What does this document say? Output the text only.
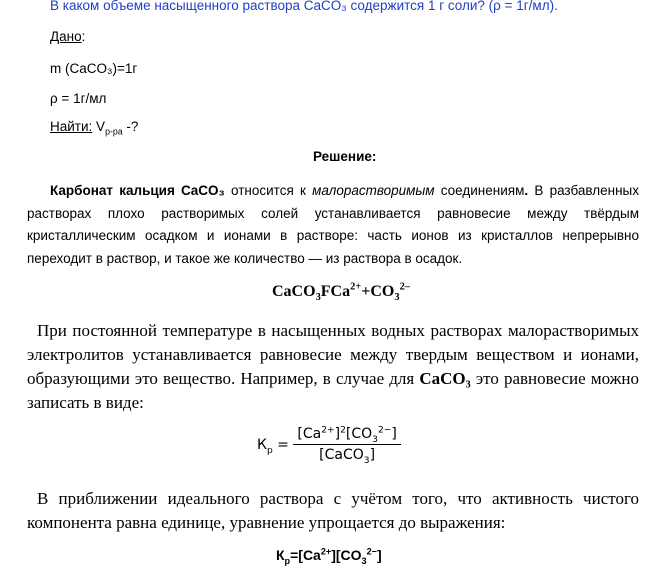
В каком объеме насыщенного раствора CaCO₃ содержится 1 г соли? (ρ = 1г/мл).
Дано:
m (CaCO₃)=1г
ρ = 1г/мл
Найти: $V_{р-ра}$ -?
Решение:
Карбонат кальция CaCO₃ относится к малорастворимым соединениям. В разбавленных растворах плохо растворимых солей устанавливается равновесие между твёрдым кристаллическим осадком и ионами в растворе: часть ионов из кристаллов непрерывно переходит в раствор, и такое же количество — из раствора в осадок.
$CaCO_3FCa^{2+}+CO_3^{2-}$
При постоянной температуре в насыщенных водных растворах малорастворимых электролитов устанавливается равновесие между твердым веществом и ионами, образующими это вещество. Например, в случае для CaCO₃ это равновесие можно записать в виде:
$К_р = \frac{[Ca^{2+}]^2[CO_3^{2-}]}{[CaCO_3]}$
В приближении идеального раствора с учётом того, что активность чистого компонента равна единице, уравнение упрощается до выражения:
$К_р=[Ca^{2+}][CO_3^{2-}]$
